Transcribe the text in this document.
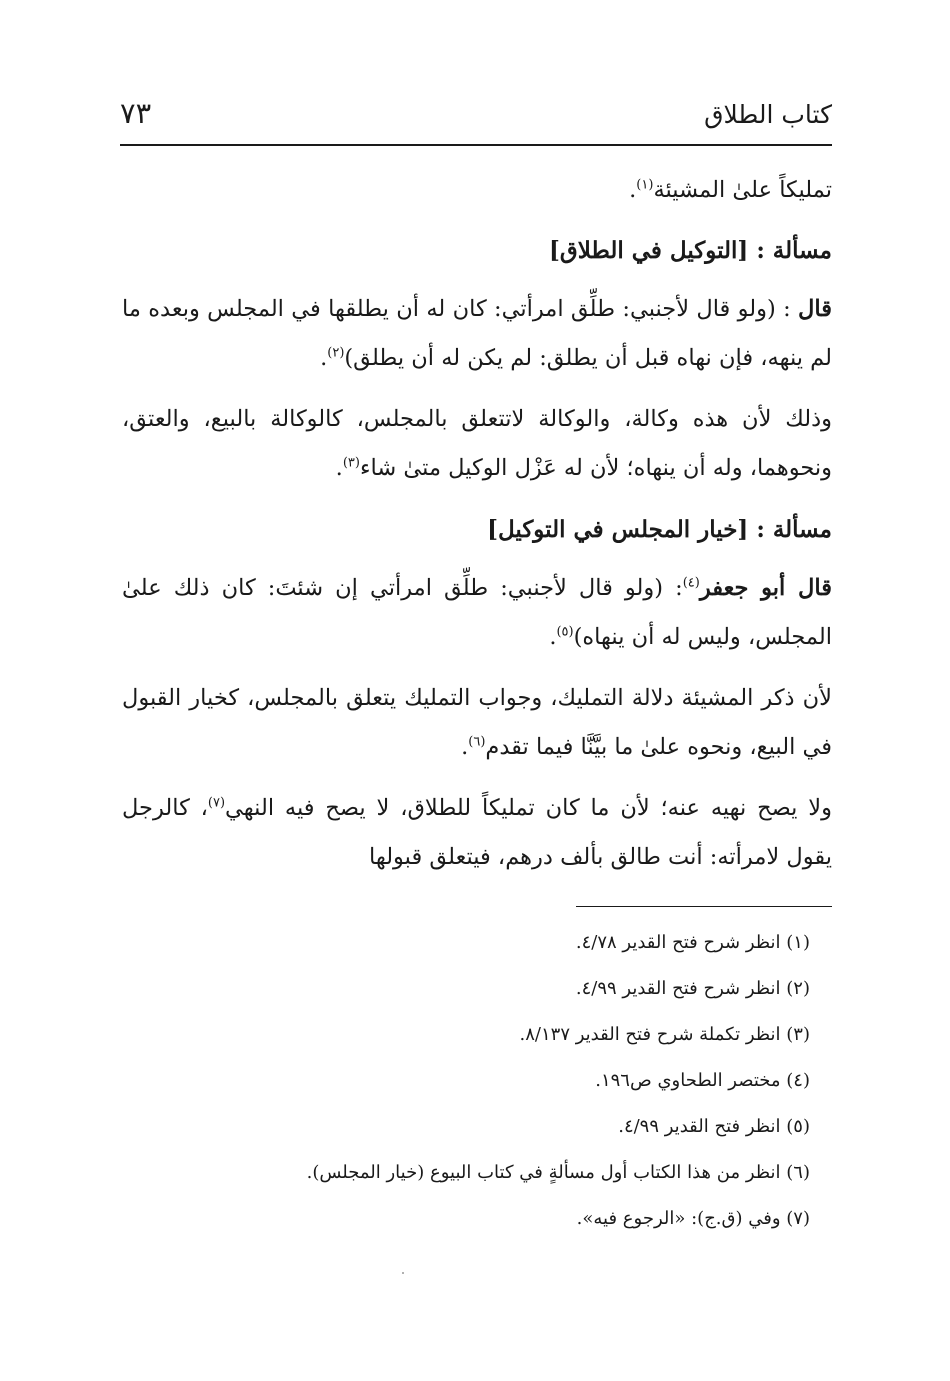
كتاب الطلاق
٧٣

تمليكاً علىٰ المشيئة$^{(١)}$.

مسألة : [التوكيل في الطلاق]

قال : (ولو قال لأجنبي: طلِّق امرأتي: كان له أن يطلقها في المجلس وبعده ما لم ينهه، فإن نهاه قبل أن يطلق: لم يكن له أن يطلق)$^{(٢)}$.

وذلك لأن هذه وكالة، والوكالة لاتتعلق بالمجلس، كالوكالة بالبيع، والعتق، ونحوهما، وله أن ينهاه؛ لأن له عَزْل الوكيل متىٰ شاء$^{(٣)}$.

مسألة : [خيار المجلس في التوكيل]

قال أبو جعفر$^{(٤)}$: (ولو قال لأجنبي: طلِّق امرأتي إن شئتَ: كان ذلك علىٰ المجلس، وليس له أن ينهاه)$^{(٥)}$.

لأن ذكر المشيئة دلالة التمليك، وجواب التمليك يتعلق بالمجلس، كخيار القبول في البيع، ونحوه علىٰ ما بيَّنَّا فيما تقدم$^{(٦)}$.

ولا يصح نهيه عنه؛ لأن ما كان تمليكاً للطلاق، لا يصح فيه النهي$^{(٧)}$، كالرجل يقول لامرأته: أنت طالق بألف درهم، فيتعلق قبولها

(١) انظر شرح فتح القدير ٤/٧٨.

(٢) انظر شرح فتح القدير ٤/٩٩.

(٣) انظر تكملة شرح فتح القدير ٨/١٣٧.

(٤) مختصر الطحاوي ص١٩٦.

(٥) انظر فتح القدير ٤/٩٩.

(٦) انظر من هذا الكتاب أول مسألةٍ في كتاب البيوع (خيار المجلس).

(٧) وفي (ق.ج): «الرجوع فيه».
